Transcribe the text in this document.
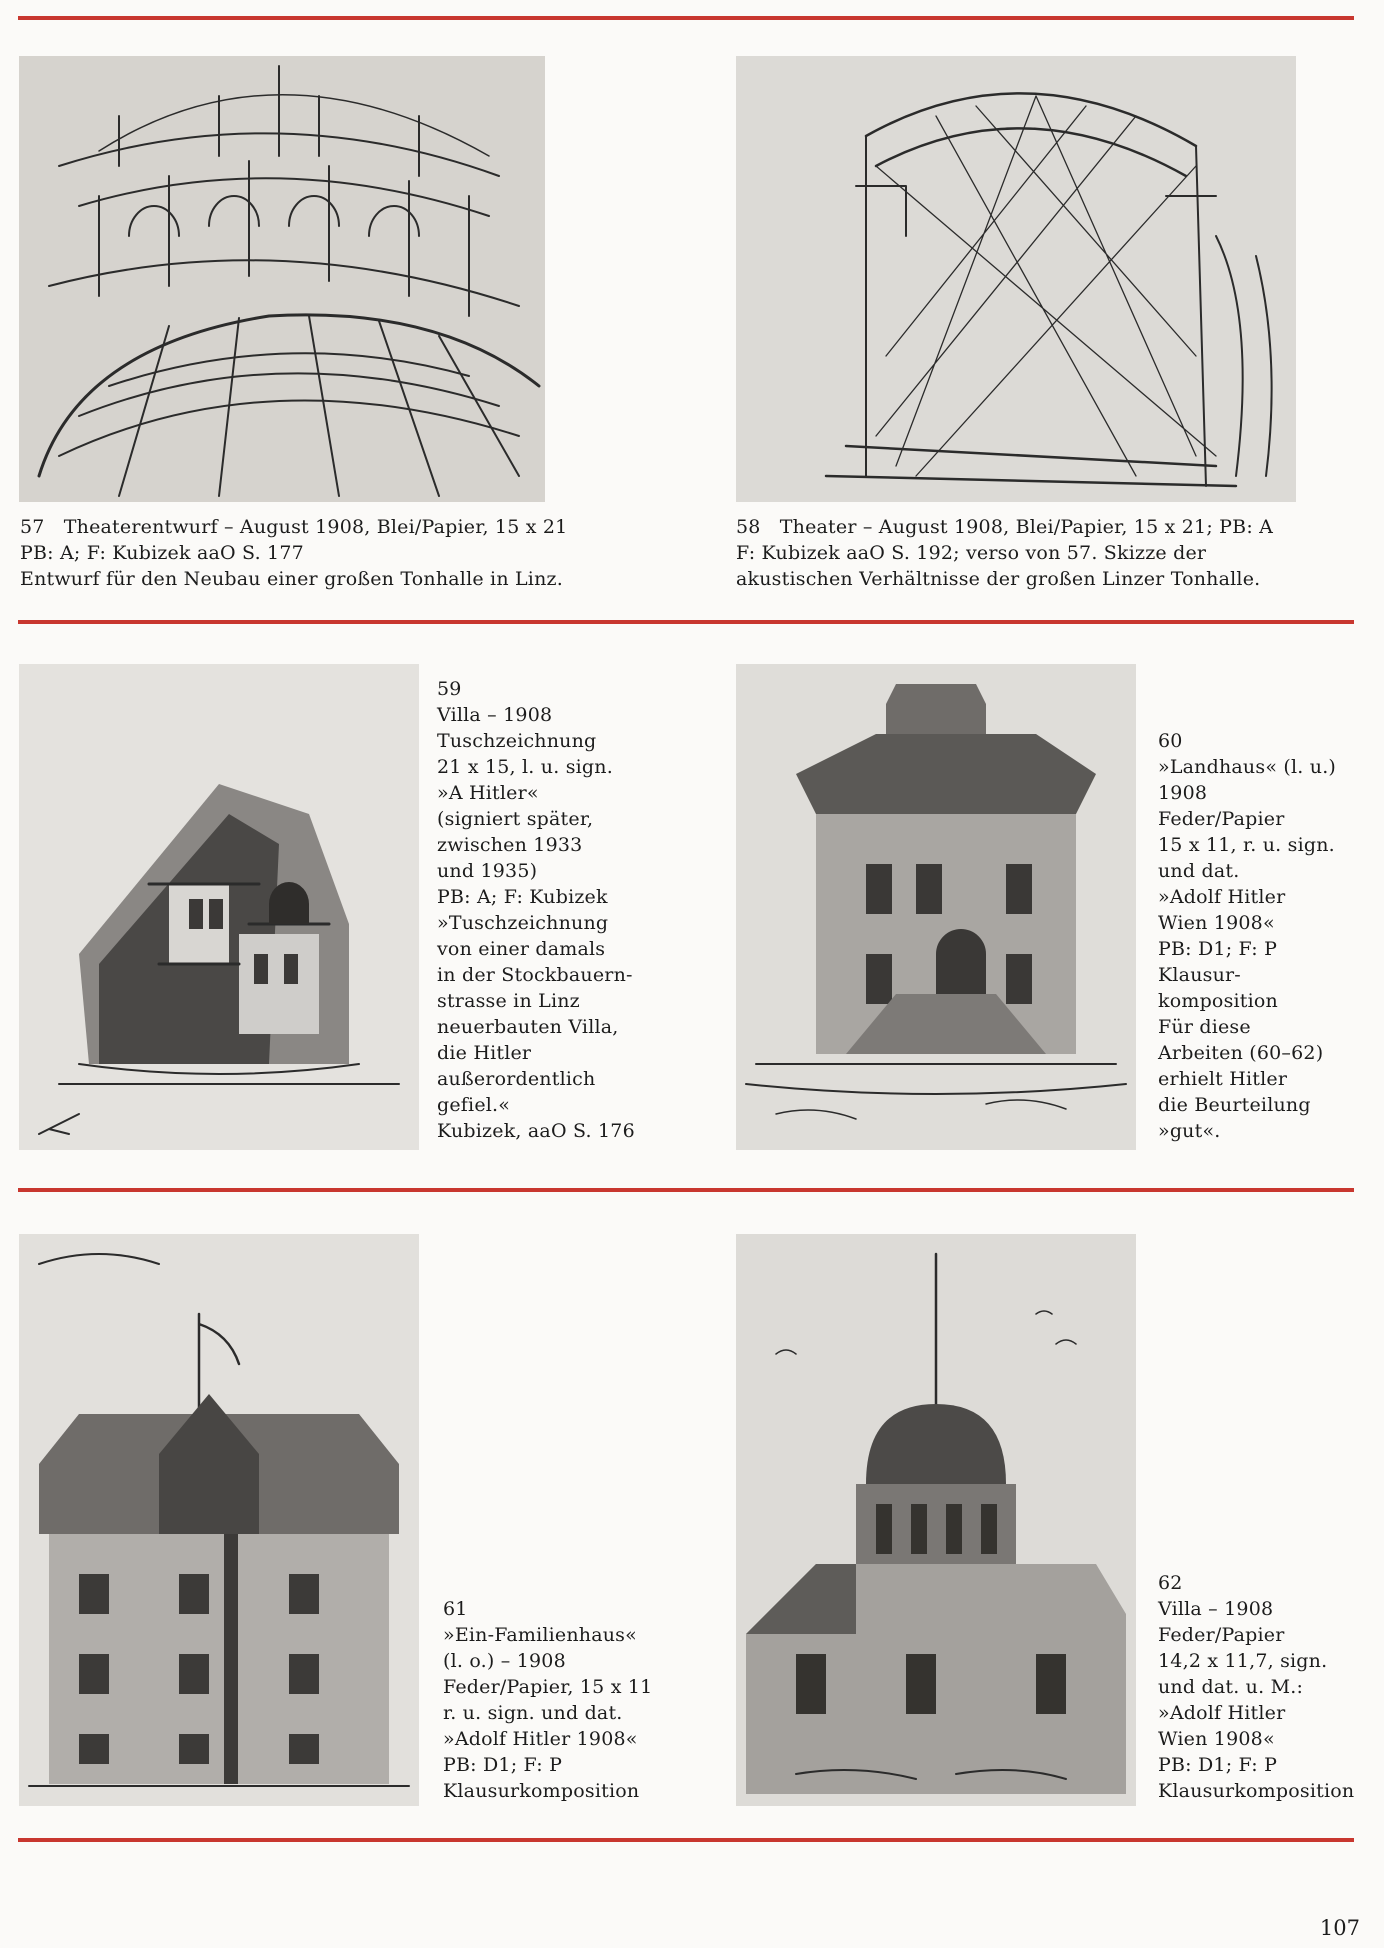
57 Theaterentwurf – August 1908, Blei/Papier, 15 x 21
PB: A; F: Kubizek aaO S. 177
Entwurf für den Neubau einer großen Tonhalle in Linz.
58 Theater – August 1908, Blei/Papier, 15 x 21; PB: A
F: Kubizek aaO S. 192; verso von 57. Skizze der
akustischen Verhältnisse der großen Linzer Tonhalle.
59
Villa – 1908
Tuschzeichnung
21 x 15, l. u. sign.
»A Hitler«
(signiert später,
zwischen 1933
und 1935)
PB: A; F: Kubizek
»Tuschzeichnung
von einer damals
in der Stockbauern-
strasse in Linz
neuerbauten Villa,
die Hitler
außerordentlich
gefiel.«
Kubizek, aaO S. 176
60
»Landhaus« (l. u.)
1908
Feder/Papier
15 x 11, r. u. sign.
und dat.
»Adolf Hitler
Wien 1908«
PB: D1; F: P
Klausur-
komposition
Für diese
Arbeiten (60–62)
erhielt Hitler
die Beurteilung
»gut«.
61
»Ein-Familienhaus«
(l. o.) – 1908
Feder/Papier, 15 x 11
r. u. sign. und dat.
»Adolf Hitler 1908«
PB: D1; F: P
Klausurkomposition
62
Villa – 1908
Feder/Papier
14,2 x 11,7, sign.
und dat. u. M.:
»Adolf Hitler
Wien 1908«
PB: D1; F: P
Klausurkomposition
107
